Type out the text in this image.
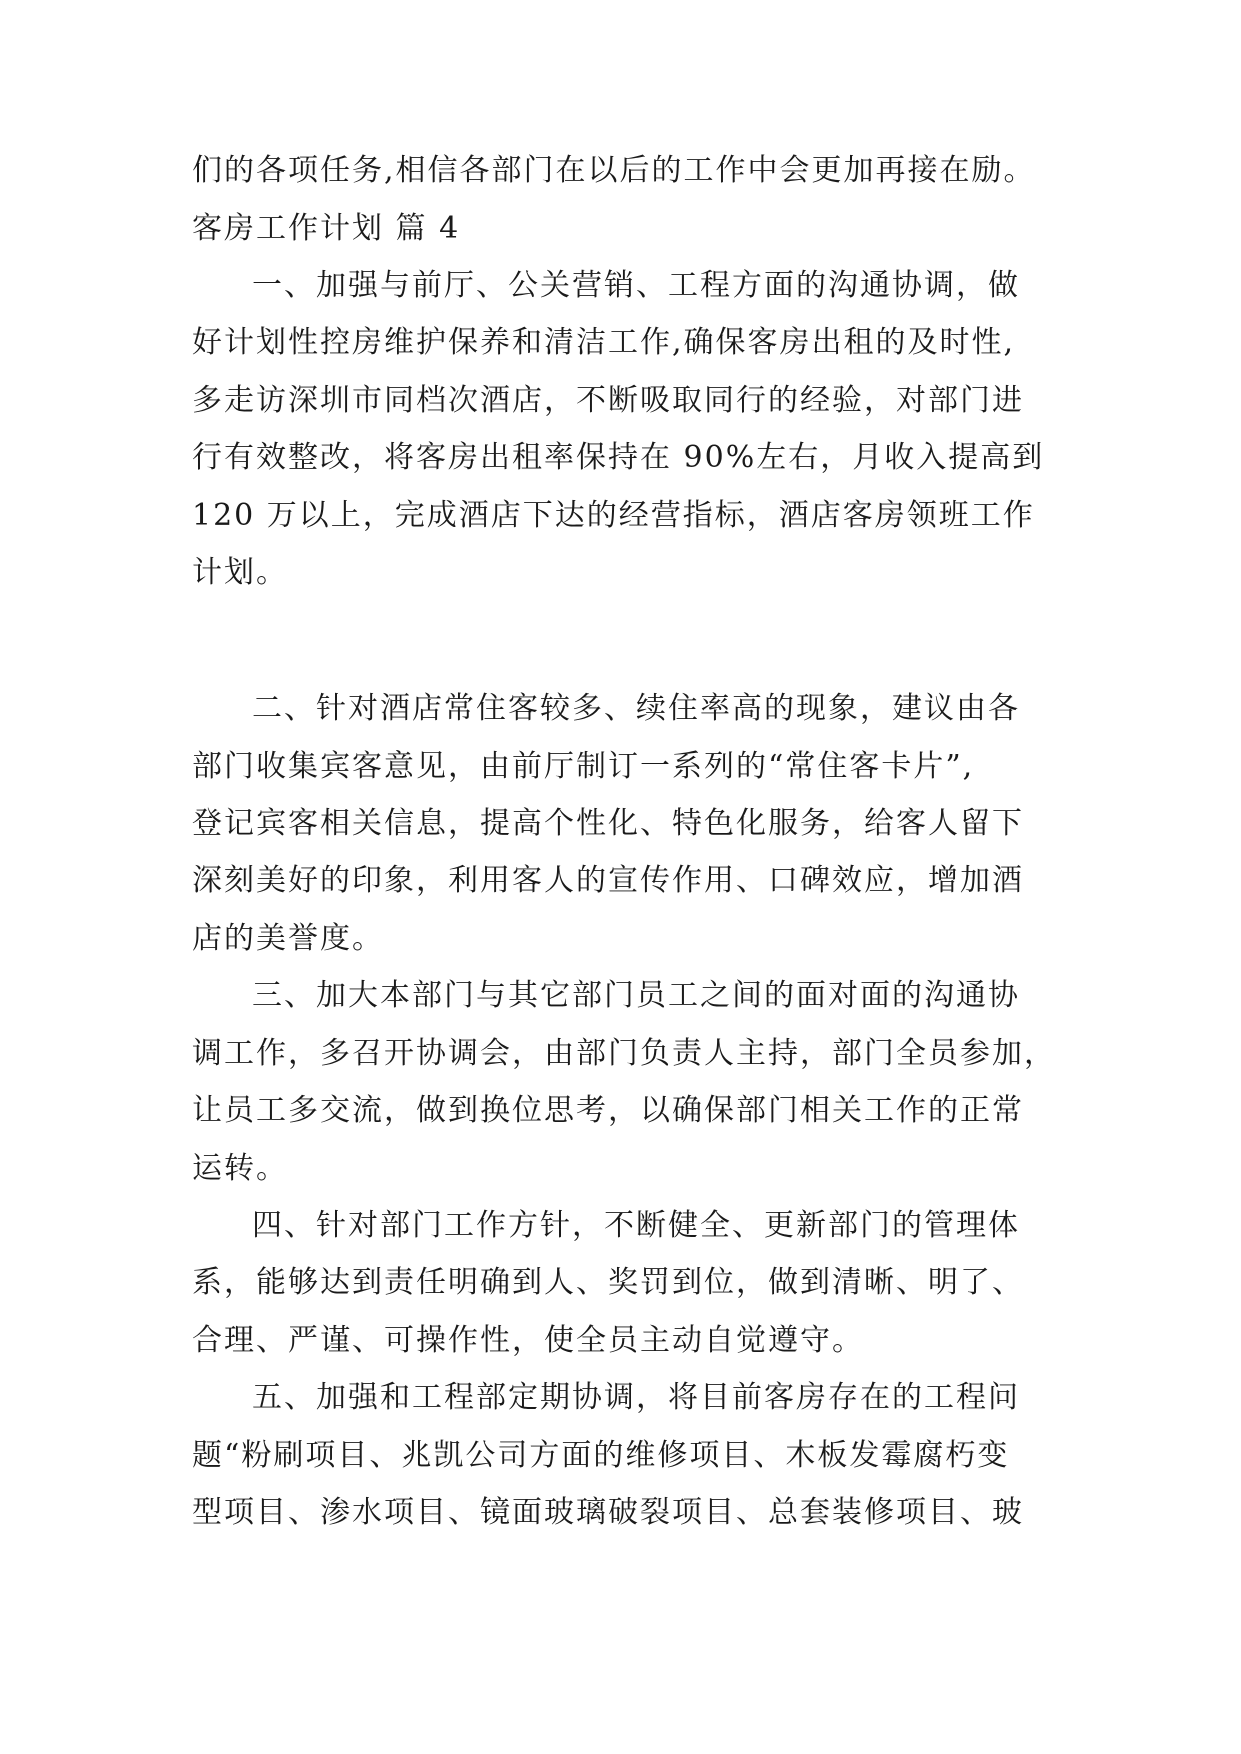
们的各项任务,相信各部门在以后的工作中会更加再接在励。
客房工作计划 篇 4
一、加强与前厅、公关营销、工程方面的沟通协调，做
好计划性控房维护保养和清洁工作,确保客房出租的及时性,
多走访深圳市同档次酒店，不断吸取同行的经验，对部门进
行有效整改，将客房出租率保持在 90%左右，月收入提高到
120 万以上，完成酒店下达的经营指标，酒店客房领班工作
计划。
二、针对酒店常住客较多、续住率高的现象，建议由各
部门收集宾客意见，由前厅制订一系列的“常住客卡片”,
登记宾客相关信息，提高个性化、特色化服务，给客人留下
深刻美好的印象，利用客人的宣传作用、口碑效应，增加酒
店的美誉度。
三、加大本部门与其它部门员工之间的面对面的沟通协
调工作，多召开协调会，由部门负责人主持，部门全员参加，
让员工多交流，做到换位思考，以确保部门相关工作的正常
运转。
四、针对部门工作方针，不断健全、更新部门的管理体
系，能够达到责任明确到人、奖罚到位，做到清晰、明了、
合理、严谨、可操作性，使全员主动自觉遵守。
五、加强和工程部定期协调，将目前客房存在的工程问
题“粉刷项目、兆凯公司方面的维修项目、木板发霉腐朽变
型项目、渗水项目、镜面玻璃破裂项目、总套装修项目、玻
